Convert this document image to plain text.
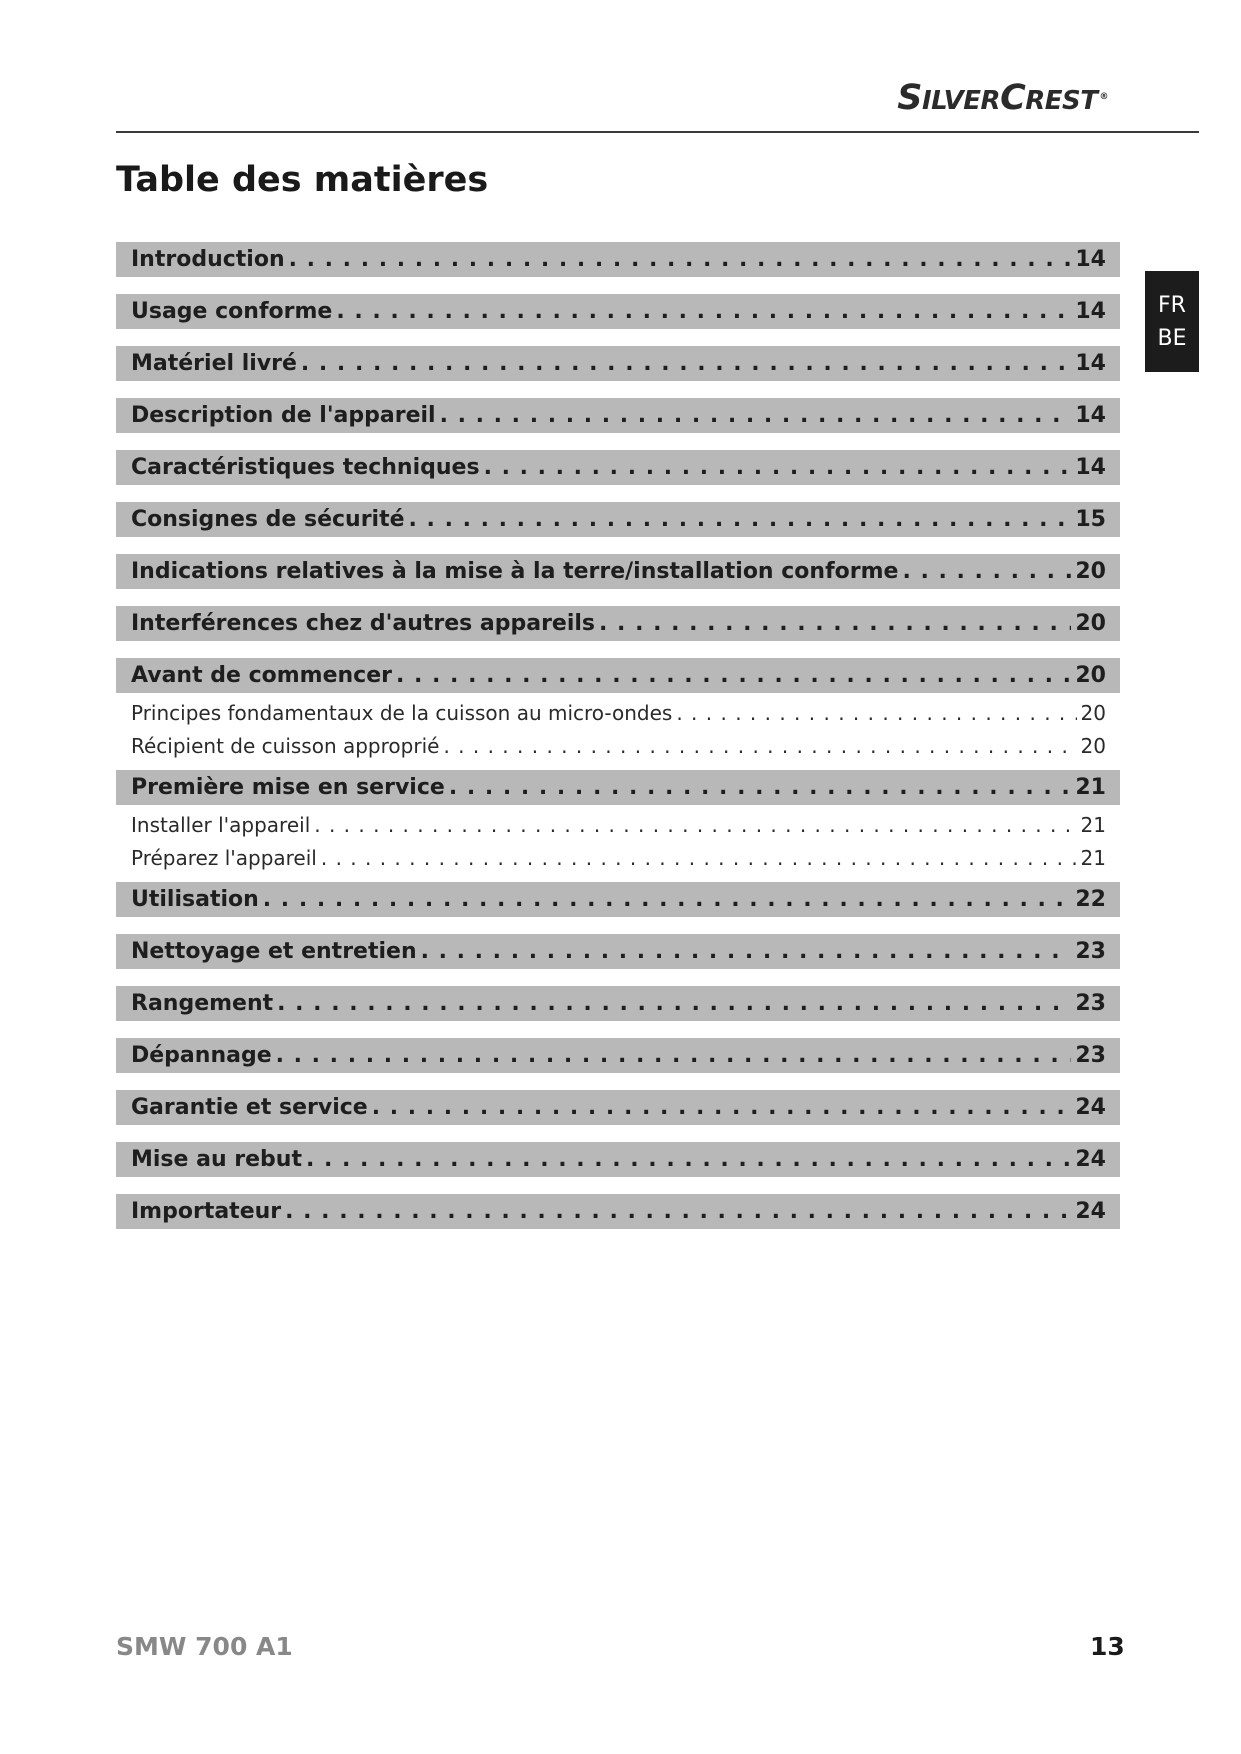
SILVERCREST ®
Table des matières
FR
BE
Introduction . . .	14
Usage conforme . . .	14
Matériel livré . . .	14
Description de l'appareil . . .	14
Caractéristiques techniques . . .	14
Consignes de sécurité . . .	15
Indications relatives à la mise à la terre/installation conforme . . .	20
Interférences chez d'autres appareils . . .	20
Avant de commencer . . .	20
Principes fondamentaux de la cuisson au micro-ondes . . .	20
Récipient de cuisson approprié . . .	20
Première mise en service . . .	21
Installer l'appareil . . .	21
Préparez l'appareil . . .	21
Utilisation . . .	22
Nettoyage et entretien . . .	23
Rangement . . .	23
Dépannage . . .	23
Garantie et service . . .	24
Mise au rebut . . .	24
Importateur . . .	24
SMW 700 A1	13
